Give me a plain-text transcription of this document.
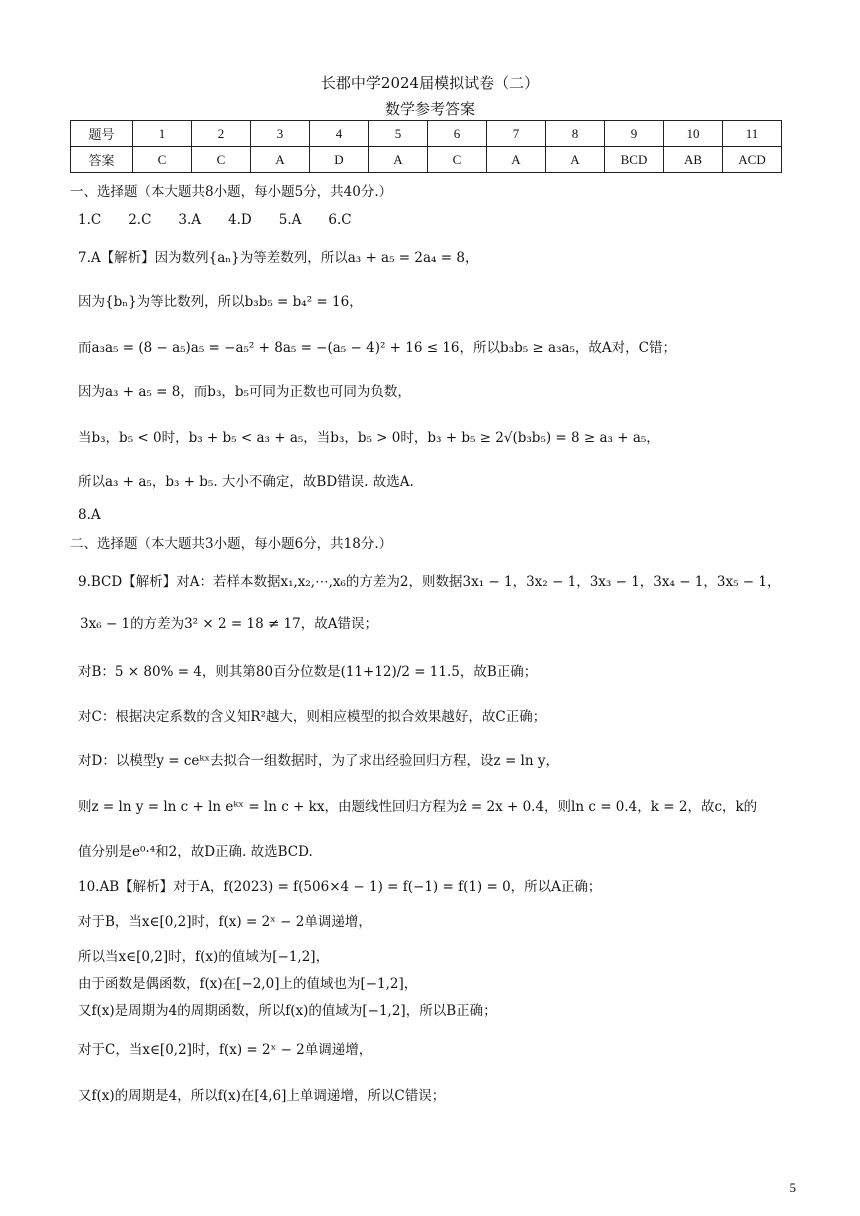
长郡中学2024届模拟试卷（二）
数学参考答案
题号	1	2	3	4	5	6	7	8	9	10	11
答案	C	C	A	D	A	C	A	A	BCD	AB	ACD
一、选择题（本大题共8小题，每小题5分，共40分.）
1.C　　2.C　　3.A　　4.D　　5.A　　6.C
7.A【解析】因为数列{aₙ}为等差数列，所以a₃ + a₅ = 2a₄ = 8，
因为{bₙ}为等比数列，所以b₃b₅ = b₄² = 16，
而a₃a₅ = (8 − a₅)a₅ = −a₅² + 8a₅ = −(a₅ − 4)² + 16 ≤ 16，所以b₃b₅ ≥ a₃a₅，故A对，C错；
因为a₃ + a₅ = 8，而b₃，b₅可同为正数也可同为负数，
当b₃，b₅ < 0时，b₃ + b₅ < a₃ + a₅，当b₃，b₅ > 0时，b₃ + b₅ ≥ 2√(b₃b₅) = 8 ≥ a₃ + a₅，
所以a₃ + a₅，b₃ + b₅. 大小不确定，故BD错误. 故选A.
8.A
二、选择题（本大题共3小题，每小题6分，共18分.）
9.BCD【解析】对A：若样本数据x₁,x₂,⋯,x₆的方差为2，则数据3x₁ − 1，3x₂ − 1，3x₃ − 1，3x₄ − 1，3x₅ − 1，
3x₆ − 1的方差为3² × 2 = 18 ≠ 17，故A错误；
对B：5 × 80% = 4，则其第80百分位数是(11+12)/2 = 11.5，故B正确；
对C：根据决定系数的含义知R²越大，则相应模型的拟合效果越好，故C正确；
对D：以模型y = ceᵏˣ去拟合一组数据时，为了求出经验回归方程，设z = ln y，
则z = ln y = ln c + ln eᵏˣ = ln c + kx，由题线性回归方程为ẑ = 2x + 0.4，则ln c = 0.4，k = 2，故c，k的
值分别是e⁰·⁴和2，故D正确. 故选BCD.
10.AB【解析】对于A，f(2023) = f(506×4 − 1) = f(−1) = f(1) = 0，所以A正确；
对于B，当x∈[0,2]时，f(x) = 2ˣ − 2单调递增，
所以当x∈[0,2]时，f(x)的值域为[−1,2]，
由于函数是偶函数，f(x)在[−2,0]上的值域也为[−1,2]，
又f(x)是周期为4的周期函数，所以f(x)的值域为[−1,2]，所以B正确；
对于C，当x∈[0,2]时，f(x) = 2ˣ − 2单调递增，
又f(x)的周期是4，所以f(x)在[4,6]上单调递增，所以C错误；
5
